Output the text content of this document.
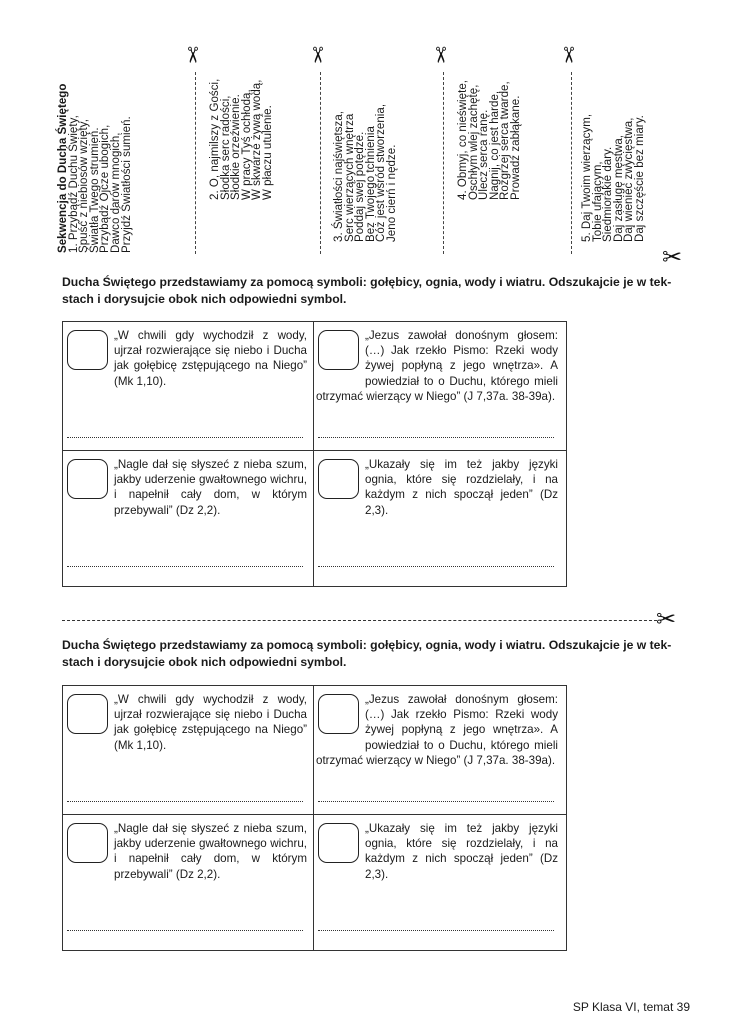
Sekwencja do Ducha Świętego
1. Przybądź Duchu Święty,
Spuść z niebiosów wzięty,
Światła Twego strumień.
Przybądź Ojcze ubogich,
Dawco darów mnogich,
Przyjdź Światłości sumień.
✂
2. O, najmilszy z Gości,
Słodka serc radości,
Słodkie orzeźwienie.
W pracy Tyś ochłodą,
W skwarze żywą wodą,
W płaczu utulenie.
✂
3. Światłości najświętsza,
Serc wierzących wnętrza
Poddaj swej potędze.
Bez Twojego tchnienia
Cóż jest wśród stworzenia,
Jeno cierń i nędze.
✂
4. Obmyj, co nieświęte,
Oschłym wlej zachętę,
Ulecz serca ranę.
Nagnij, co jest harde,
Rozgrzej serca twarde,
Prowadź zabłąkane.
✂
5. Daj Twoim wierzącym,
Tobie ufającym,
Siedmiorakie dary.
Daj zasługę męstwa,
Daj wieniec zwycięstwa,
Daj szczęście bez miary.
✂
Ducha Świętego przedstawiamy za pomocą symboli: gołębicy, ognia, wody i wiatru. Odszukajcie je w tek-
stach i dorysujcie obok nich odpowiedni symbol.
„W chwili gdy wychodził z wody, ujrzał rozwierające się niebo i Ducha jak gołębicę zstępującego na Niego” (Mk 1,10).
„Jezus zawołał donośnym głosem: (…) Jak rzekło Pismo: Rzeki wody żywej popłyną z jego wnętrza». A powiedział to o Duchu, którego mieli otrzymać wierzący w Niego” (J 7,37a. 38-39a).
„Nagle dał się słyszeć z nieba szum, jakby uderzenie gwałtownego wichru, i napełnił cały dom, w którym przebywali” (Dz 2,2).
„Ukazały się im też jakby języki ognia, które się rozdzielały, i na każdym z nich spoczął jeden” (Dz 2,3).
✂
Ducha Świętego przedstawiamy za pomocą symboli: gołębicy, ognia, wody i wiatru. Odszukajcie je w tek-
stach i dorysujcie obok nich odpowiedni symbol.
„W chwili gdy wychodził z wody, ujrzał rozwierające się niebo i Ducha jak gołębicę zstępującego na Niego” (Mk 1,10).
„Jezus zawołał donośnym głosem: (…) Jak rzekło Pismo: Rzeki wody żywej popłyną z jego wnętrza». A powiedział to o Duchu, którego mieli otrzymać wierzący w Niego” (J 7,37a. 38-39a).
„Nagle dał się słyszeć z nieba szum, jakby uderzenie gwałtownego wichru, i napełnił cały dom, w którym przebywali” (Dz 2,2).
„Ukazały się im też jakby języki ognia, które się rozdzielały, i na każdym z nich spoczął jeden” (Dz 2,3).
SP Klasa VI, temat 39
